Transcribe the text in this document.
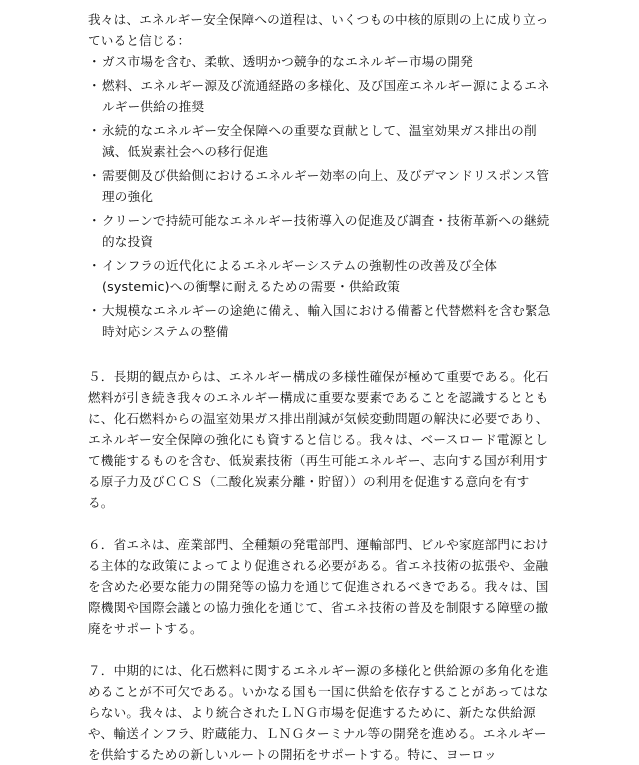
我々は、エネルギー安全保障への道程は、いくつもの中核的原則の上に成り立っていると信じる：

・ ガス市場を含む、柔軟、透明かつ競争的なエネルギー市場の開発
・ 燃料、エネルギー源及び流通経路の多様化、及び国産エネルギー源によるエネルギー供給の推奨
・ 永続的なエネルギー安全保障への重要な貢献として、温室効果ガス排出の削減、低炭素社会への移行促進
・ 需要側及び供給側におけるエネルギー効率の向上、及びデマンドリスポンス管理の強化
・ クリーンで持続可能なエネルギー技術導入の促進及び調査・技術革新への継続的な投資
・ インフラの近代化によるエネルギーシステムの強靭性の改善及び全体(systemic)への衝撃に耐えるための需要・供給政策
・ 大規模なエネルギーの途絶に備え、輸入国における備蓄と代替燃料を含む緊急時対応システムの整備

５．長期的観点からは、エネルギー構成の多様性確保が極めて重要である。化石燃料が引き続き我々のエネルギー構成に重要な要素であることを認識するとともに、化石燃料からの温室効果ガス排出削減が気候変動問題の解決に必要であり、エネルギー安全保障の強化にも資すると信じる。我々は、ベースロード電源として機能するものを含む、低炭素技術（再生可能エネルギー、志向する国が利用する原子力及びＣＣＳ（二酸化炭素分離・貯留））の利用を促進する意向を有する。

６．省エネは、産業部門、全種類の発電部門、運輸部門、ビルや家庭部門における主体的な政策によってより促進される必要がある。省エネ技術の拡張や、金融を含めた必要な能力の開発等の協力を通じて促進されるべきである。我々は、国際機関や国際会議との協力強化を通じて、省エネ技術の普及を制限する障壁の撤廃をサポートする。

７．中期的には、化石燃料に関するエネルギー源の多様化と供給源の多角化を進めることが不可欠である。いかなる国も一国に供給を依存することがあってはならない。我々は、より統合されたＬＮＧ市場を促進するために、新たな供給源や、輸送インフラ、貯蔵能力、ＬＮＧターミナル等の開発を進める。エネルギーを供給するための新しいルートの開拓をサポートする。特に、ヨーロッ
